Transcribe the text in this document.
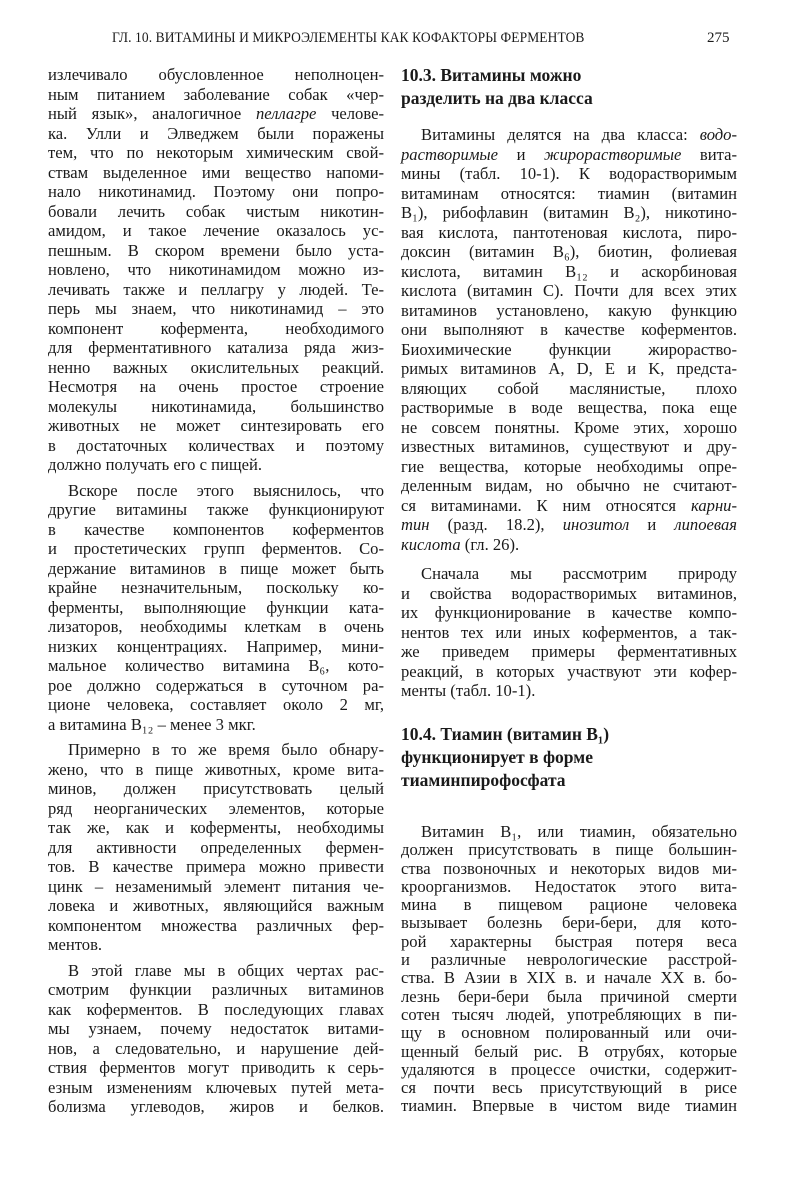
ГЛ. 10. ВИТАМИНЫ И МИКРОЭЛЕМЕНТЫ КАК КОФАКТОРЫ ФЕРМЕНТОВ	275
излечивало обусловленное неполноцен-
ным питанием заболевание собак «чер-
ный язык», аналогичное пеллагре челове-
ка. Улли и Элведжем были поражены
тем, что по некоторым химическим свой-
ствам выделенное ими вещество напоми-
нало никотинамид. Поэтому они попро-
бовали лечить собак чистым никотин-
амидом, и такое лечение оказалось ус-
пешным. В скором времени было уста-
новлено, что никотинамидом можно из-
лечивать также и пеллагру у людей. Те-
перь мы знаем, что никотинамид – это
компонент кофермента, необходимого
для ферментативного катализа ряда жиз-
ненно важных окислительных реакций.
Несмотря на очень простое строение
молекулы никотинамида, большинство
животных не может синтезировать его
в достаточных количествах и поэтому
должно получать его с пищей.
Вскоре после этого выяснилось, что
другие витамины также функционируют
в качестве компонентов коферментов
и простетических групп ферментов. Со-
держание витаминов в пище может быть
крайне незначительным, поскольку ко-
ферменты, выполняющие функции ката-
лизаторов, необходимы клеткам в очень
низких концентрациях. Например, мини-
мальное количество витамина B₆, кото-
рое должно содержаться в суточном ра-
ционе человека, составляет около 2 мг,
а витамина B₁₂ – менее 3 мкг.
Примерно в то же время было обнару-
жено, что в пище животных, кроме вита-
минов, должен присутствовать целый
ряд неорганических элементов, которые
так же, как и коферменты, необходимы
для активности определенных фермен-
тов. В качестве примера можно привести
цинк – незаменимый элемент питания че-
ловека и животных, являющийся важным
компонентом множества различных фер-
ментов.
В этой главе мы в общих чертах рас-
смотрим функции различных витаминов
как коферментов. В последующих главах
мы узнаем, почему недостаток витами-
нов, а следовательно, и нарушение дей-
ствия ферментов могут приводить к серь-
езным изменениям ключевых путей мета-
болизма углеводов, жиров и белков.
10.3. Витамины можно
разделить на два класса
Витамины делятся на два класса: водо-
растворимые и жирорастворимые вита-
мины (табл. 10-1). К водорастворимым
витаминам относятся: тиамин (витамин
B₁), рибофлавин (витамин B₂), никотино-
вая кислота, пантотеновая кислота, пиро-
доксин (витамин B₆), биотин, фолиевая
кислота, витамин B₁₂ и аскорбиновая
кислота (витамин C). Почти для всех этих
витаминов установлено, какую функцию
они выполняют в качестве коферментов.
Биохимические функции жирораство-
римых витаминов A, D, E и K, предста-
вляющих собой маслянистые, плохо
растворимые в воде вещества, пока еще
не совсем понятны. Кроме этих, хорошо
известных витаминов, существуют и дру-
гие вещества, которые необходимы опре-
деленным видам, но обычно не считают-
ся витаминами. К ним относятся карни-
тин (разд. 18.2), инозитол и липоевая
кислота (гл. 26).
Сначала мы рассмотрим природу
и свойства водорастворимых витаминов,
их функционирование в качестве компо-
нентов тех или иных коферментов, а так-
же приведем примеры ферментативных
реакций, в которых участвуют эти кофер-
менты (табл. 10-1).
10.4. Тиамин (витамин B₁)
функционирует в форме
тиаминпирофосфата
Витамин B₁, или тиамин, обязательно
должен присутствовать в пище большин-
ства позвоночных и некоторых видов ми-
кроорганизмов. Недостаток этого вита-
мина в пищевом рационе человека
вызывает болезнь бери-бери, для кото-
рой характерны быстрая потеря веса
и различные неврологические расстрой-
ства. В Азии в XIX в. и начале XX в. бо-
лезнь бери-бери была причиной смерти
сотен тысяч людей, употребляющих в пи-
щу в основном полированный или очи-
щенный белый рис. В отрубях, которые
удаляются в процессе очистки, содержит-
ся почти весь присутствующий в рисе
тиамин. Впервые в чистом виде тиамин
